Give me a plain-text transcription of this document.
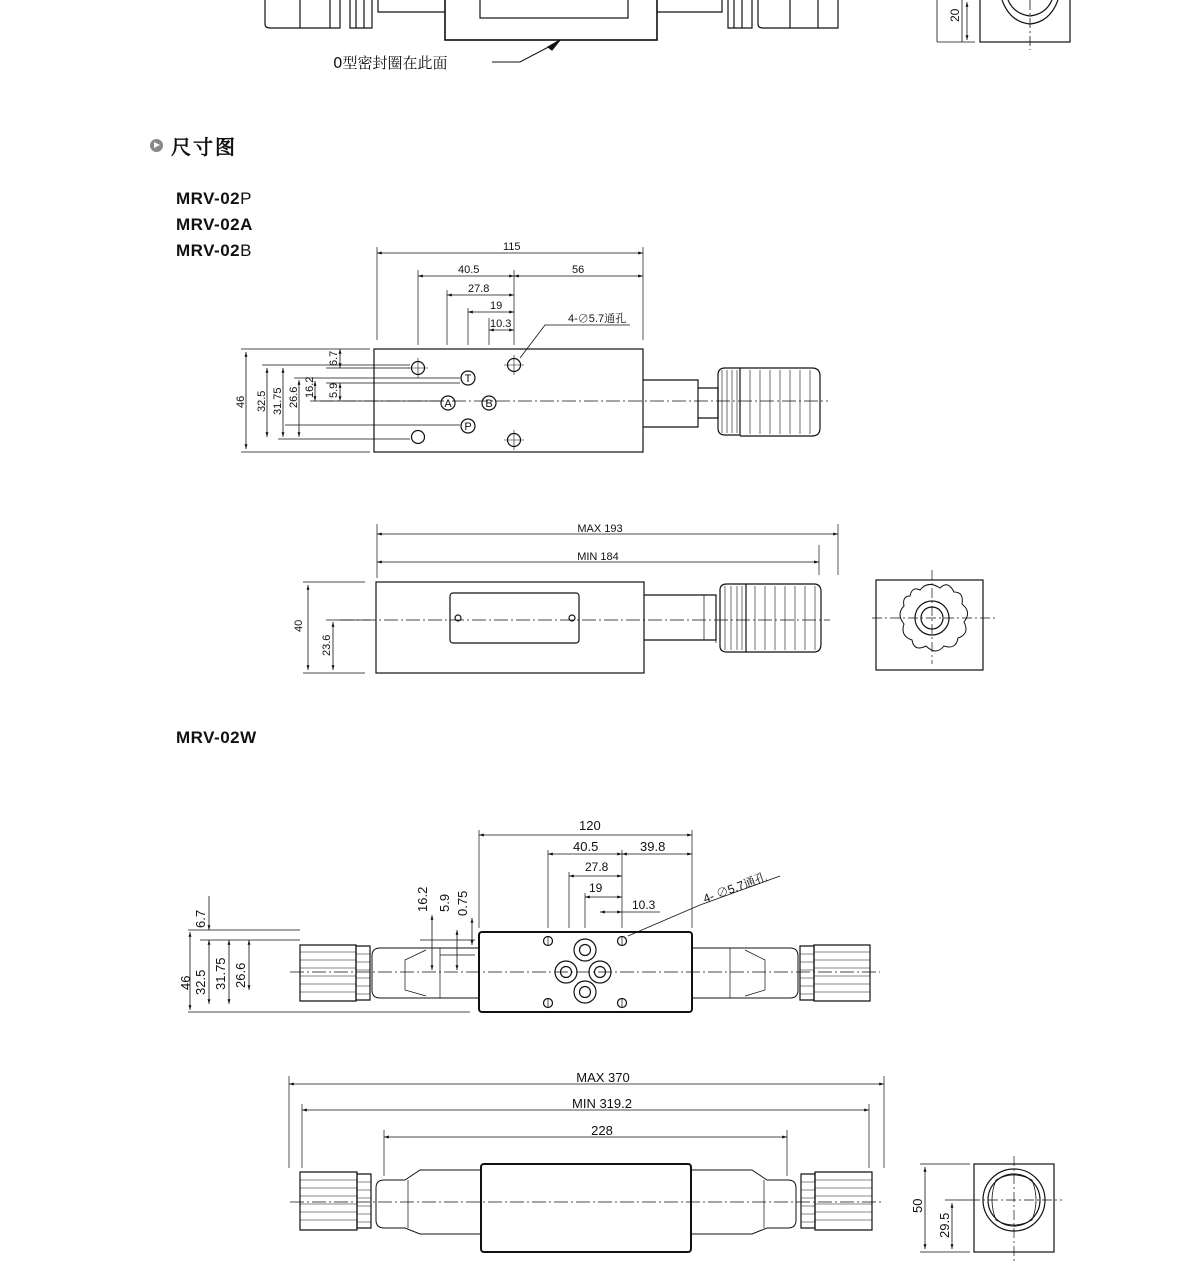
尺寸图
MRV-02P
MRV-02A
MRV-02B
MRV-02W
0型密封圈在此面
20
115
40.5	56
27.8
19
10.3	4-∅5.7通孔
T
A	B
P
46 32.5 31.75 26.6 16.2
6.7
5.9
MAX 193
MIN 184
40
23.6
120
40.5	39.8
27.8
19
10.3	4- ∅5.7通孔
16.2 5.9 0.75
6.7
46 32.5 31.75 26.6
MAX 370
MIN 319.2
228
50
29.5
